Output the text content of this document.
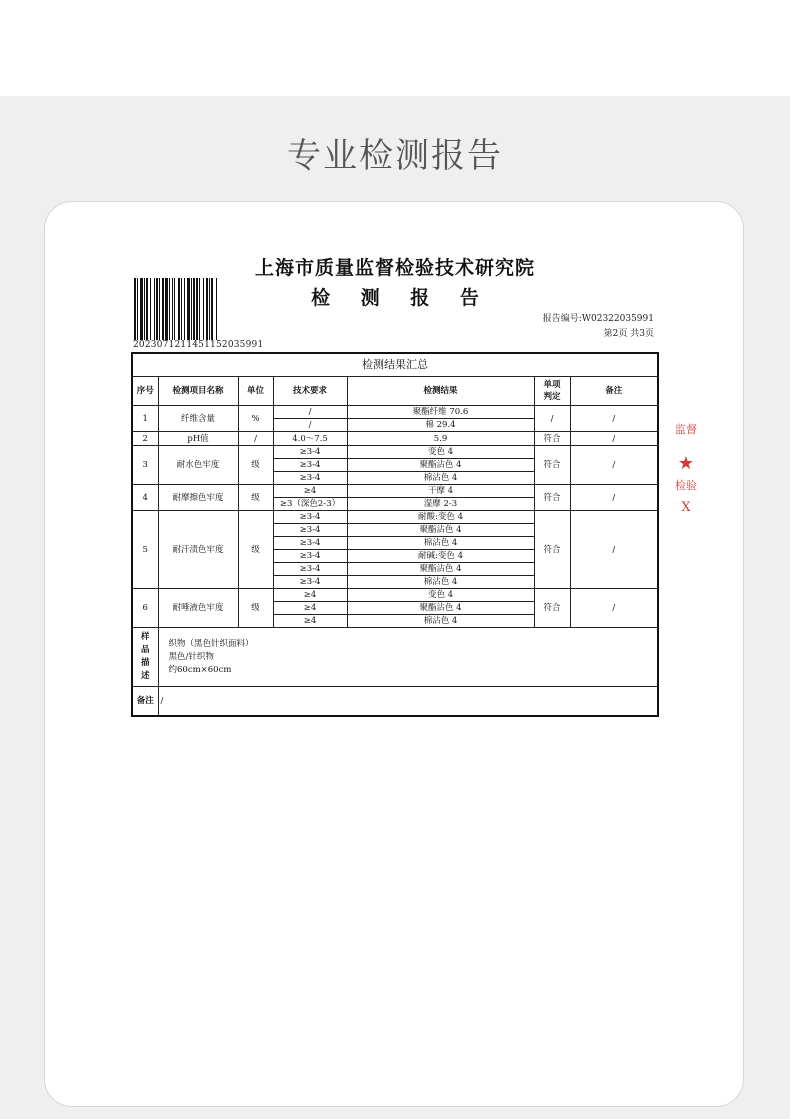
专业检测报告
上海市质量监督检验技术研究院
检 测 报 告
2023071211451152035991
报告编号:W02322035991
第2页 共3页
监督
★
检验
X
检测结果汇总						
序号	检测项目名称	单位	技术要求	检测结果	单项判定	备注
1	纤维含量	%	/	聚酯纤维 70.6	/	/
			/	棉 29.4		
2	pH值	/	4.0～7.5	5.9	符合	/
3	耐水色牢度	级	≥3-4	变色 4	符合	/
			≥3-4	聚酯沾色 4		
			≥3-4	棉沾色 4		
4	耐摩擦色牢度	级	≥4	干摩 4	符合	/
			≥3（深色2-3）	湿摩 2-3		
5	耐汗渍色牢度	级	≥3-4	耐酸:变色 4	符合	/
			≥3-4	聚酯沾色 4		
			≥3-4	棉沾色 4		
			≥3-4	耐碱:变色 4		
			≥3-4	聚酯沾色 4		
			≥3-4	棉沾色 4		
6	耐唾液色牢度	级	≥4	变色 4	符合	/
			≥4	聚酯沾色 4		
			≥4	棉沾色 4		
样品描述	织物（黑色针织面料）
黑色/针织物
约60cm×60cm					

备注	/					
